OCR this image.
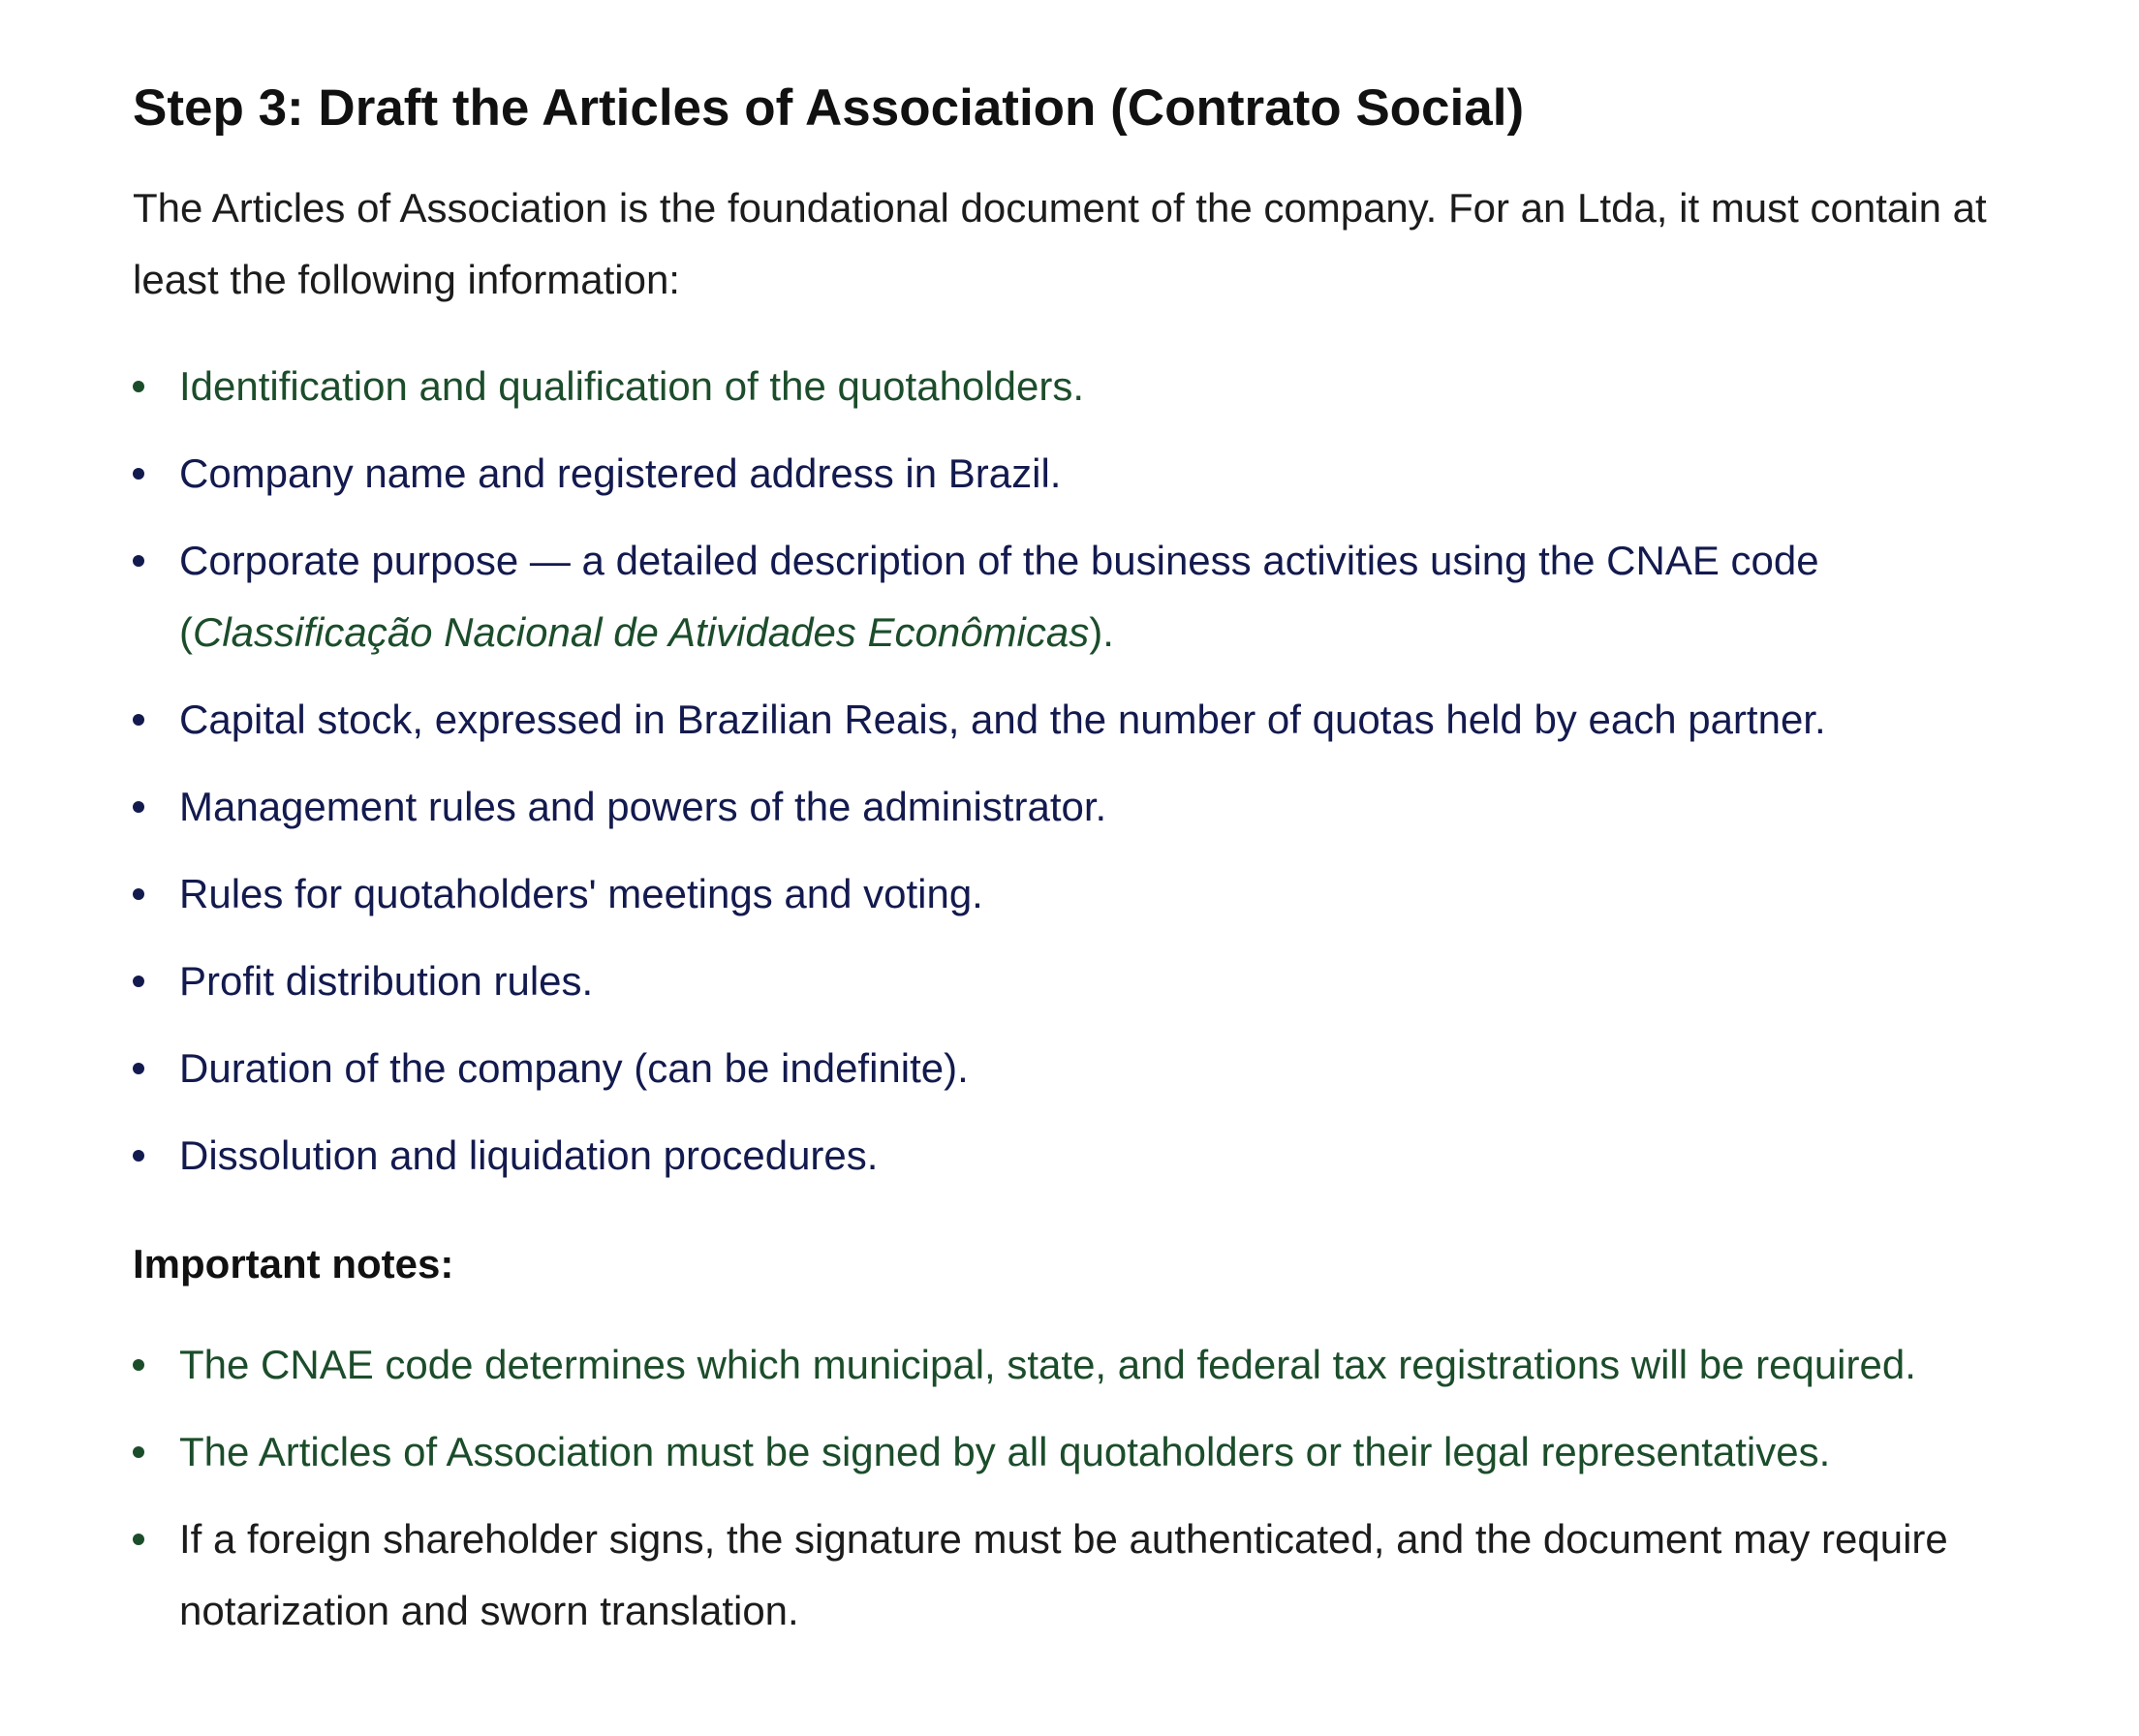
Step 3: Draft the Articles of Association (Contrato Social)

The Articles of Association is the foundational document of the company. For an Ltda, it must contain at least the following information:

Identification and qualification of the quotaholders.
Company name and registered address in Brazil.
Corporate purpose — a detailed description of the business activities using the CNAE code
(Classificação Nacional de Atividades Econômicas).
Capital stock, expressed in Brazilian Reais, and the number of quotas held by each partner.
Management rules and powers of the administrator.
Rules for quotaholders' meetings and voting.
Profit distribution rules.
Duration of the company (can be indefinite).
Dissolution and liquidation procedures.
Important notes:
The CNAE code determines which municipal, state, and federal tax registrations will be required.
The Articles of Association must be signed by all quotaholders or their legal representatives.
If a foreign shareholder signs, the signature must be authenticated, and the document may require notarization and sworn translation.
